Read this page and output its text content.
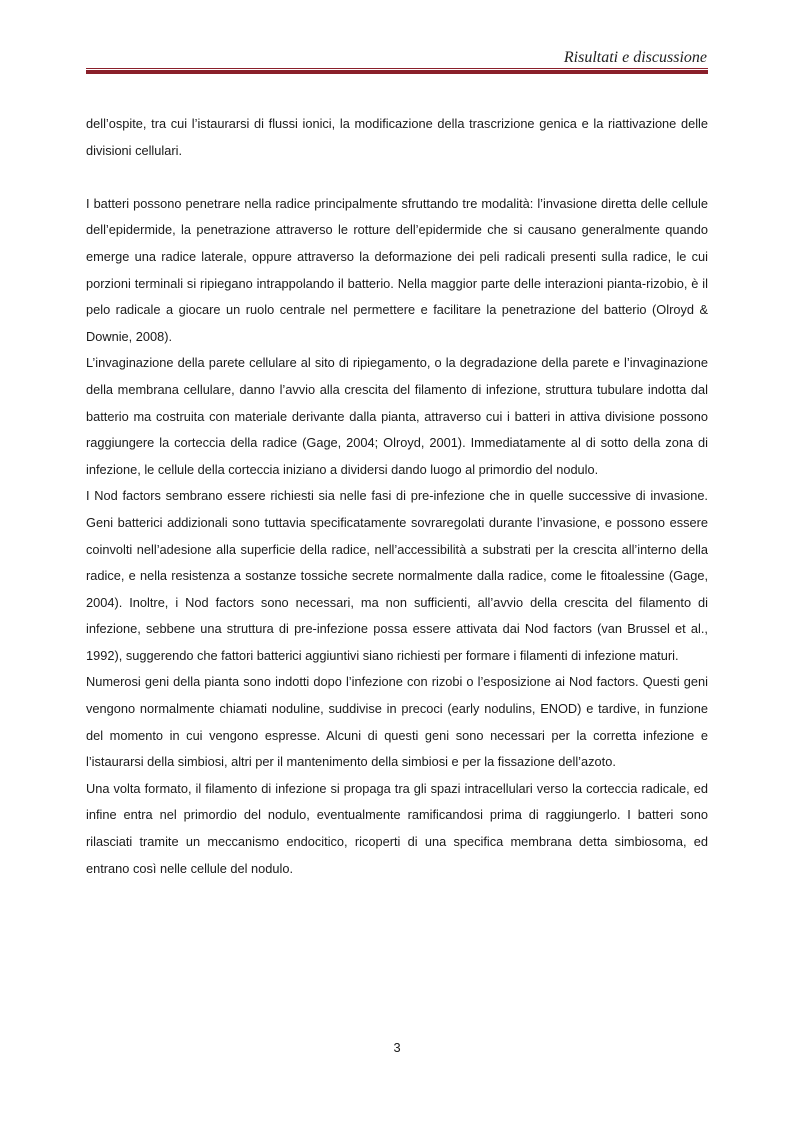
Risultati e discussione

dell’ospite, tra cui l’istaurarsi di flussi ionici, la modificazione della trascrizione genica e la riattivazione delle divisioni cellulari.

I batteri possono penetrare nella radice principalmente sfruttando tre modalità: l’invasione diretta delle cellule dell’epidermide, la penetrazione attraverso le rotture dell’epidermide che si causano generalmente quando emerge una radice laterale, oppure attraverso la deformazione dei peli radicali presenti sulla radice, le cui porzioni terminali si ripiegano intrappolando il batterio. Nella maggior parte delle interazioni pianta-rizobio, è il pelo radicale a giocare un ruolo centrale nel permettere e facilitare la penetrazione del batterio (Olroyd & Downie, 2008).

L’invaginazione della parete cellulare al sito di ripiegamento, o la degradazione della parete e l’invaginazione della membrana cellulare, danno l’avvio alla crescita del filamento di infezione, struttura tubulare indotta dal batterio ma costruita con materiale derivante dalla pianta, attraverso cui i batteri in attiva divisione possono raggiungere la corteccia della radice (Gage, 2004; Olroyd, 2001). Immediatamente al di sotto della zona di infezione, le cellule della corteccia iniziano a dividersi dando luogo al primordio del nodulo.

I Nod factors sembrano essere richiesti sia nelle fasi di pre-infezione che in quelle successive di invasione. Geni batterici addizionali sono tuttavia specificatamente sovraregolati durante l’invasione, e possono essere coinvolti nell’adesione alla superficie della radice, nell’accessibilità a substrati per la crescita all’interno della radice, e nella resistenza a sostanze tossiche secrete normalmente dalla radice, come le fitoalessine (Gage, 2004). Inoltre, i Nod factors sono necessari, ma non sufficienti, all’avvio della crescita del filamento di infezione, sebbene una struttura di pre-infezione possa essere attivata dai Nod factors (van Brussel et al., 1992), suggerendo che fattori batterici aggiuntivi siano richiesti per formare i filamenti di infezione maturi.

Numerosi geni della pianta sono indotti dopo l’infezione con rizobi o l’esposizione ai Nod factors. Questi geni vengono normalmente chiamati noduline, suddivise in precoci (early nodulins, ENOD) e tardive, in funzione del momento in cui vengono espresse. Alcuni di questi geni sono necessari per la corretta infezione e l’istaurarsi della simbiosi, altri per il mantenimento della simbiosi e per la fissazione dell’azoto.

Una volta formato, il filamento di infezione si propaga tra gli spazi intracellulari verso la corteccia radicale, ed infine entra nel primordio del nodulo, eventualmente ramificandosi prima di raggiungerlo. I batteri sono rilasciati tramite un meccanismo endocitico, ricoperti di una specifica membrana detta simbiosoma, ed entrano così nelle cellule del nodulo.

3
